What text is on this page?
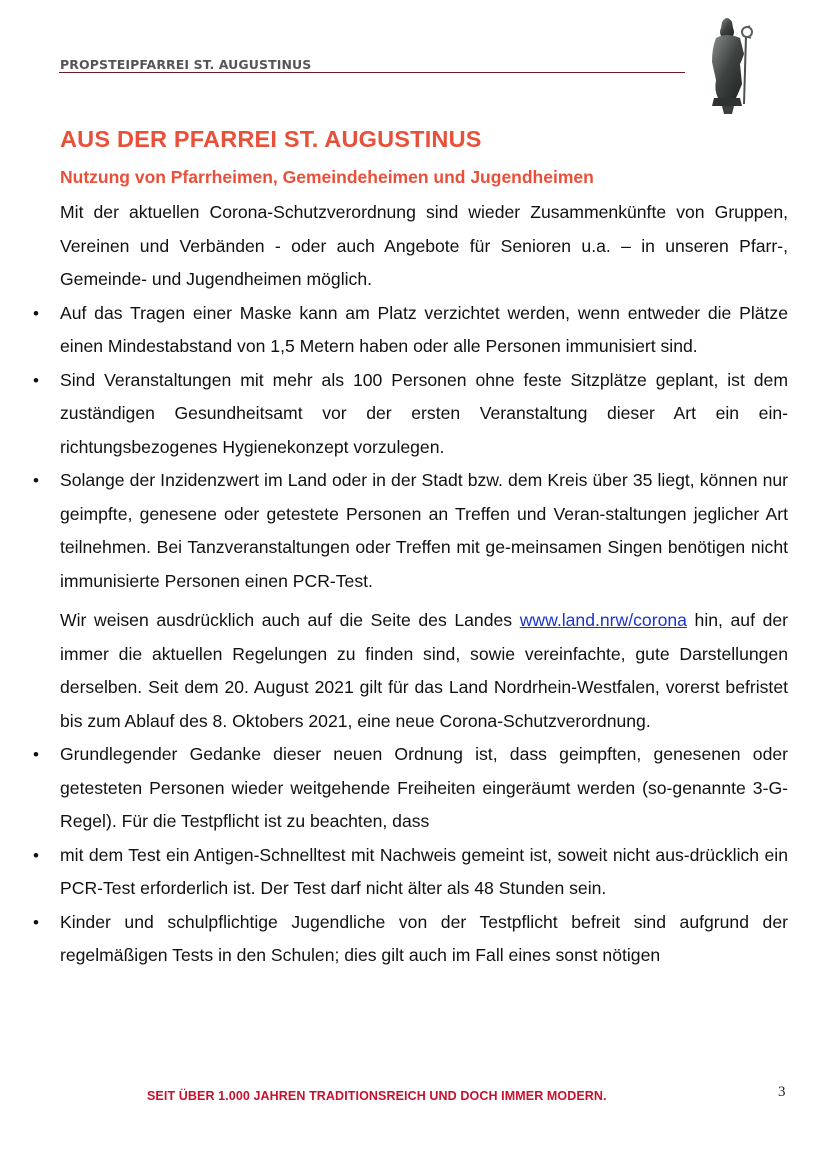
PROPSTEIPFARREI ST. AUGUSTINUS
AUS DER PFARREI ST. AUGUSTINUS
Nutzung von Pfarrheimen, Gemeindeheimen und Jugendheimen

Mit der aktuellen Corona-Schutzverordnung sind wieder Zusammenkünfte von Gruppen, Vereinen und Verbänden - oder auch Angebote für Senioren u.a. – in unseren Pfarr-, Gemeinde- und Jugendheimen möglich.

• Auf das Tragen einer Maske kann am Platz verzichtet werden, wenn entweder die Plätze einen Mindestabstand von 1,5 Metern haben oder alle Personen immunisiert sind.
• Sind Veranstaltungen mit mehr als 100 Personen ohne feste Sitzplätze geplant, ist dem zuständigen Gesundheitsamt vor der ersten Veranstaltung dieser Art ein ein-richtungsbezogenes Hygienekonzept vorzulegen.
• Solange der Inzidenzwert im Land oder in der Stadt bzw. dem Kreis über 35 liegt, können nur geimpfte, genesene oder getestete Personen an Treffen und Veran-staltungen jeglicher Art teilnehmen. Bei Tanzveranstaltungen oder Treffen mit ge-meinsamen Singen benötigen nicht immunisierte Personen einen PCR-Test.

Wir weisen ausdrücklich auch auf die Seite des Landes www.land.nrw/corona hin, auf der immer die aktuellen Regelungen zu finden sind, sowie vereinfachte, gute Darstellungen derselben. Seit dem 20. August 2021 gilt für das Land Nordrhein-Westfalen, vorerst befristet bis zum Ablauf des 8. Oktobers 2021, eine neue Corona-Schutzverordnung.

• Grundlegender Gedanke dieser neuen Ordnung ist, dass geimpften, genesenen oder getesteten Personen wieder weitgehende Freiheiten eingeräumt werden (so-genannte 3-G-Regel). Für die Testpflicht ist zu beachten, dass
• mit dem Test ein Antigen-Schnelltest mit Nachweis gemeint ist, soweit nicht aus-drücklich ein PCR-Test erforderlich ist. Der Test darf nicht älter als 48 Stunden sein.
• Kinder und schulpflichtige Jugendliche von der Testpflicht befreit sind aufgrund der regelmäßigen Tests in den Schulen; dies gilt auch im Fall eines sonst nötigen
SEIT ÜBER 1.000 JAHREN TRADITIONSREICH UND DOCH IMMER MODERN.	3
